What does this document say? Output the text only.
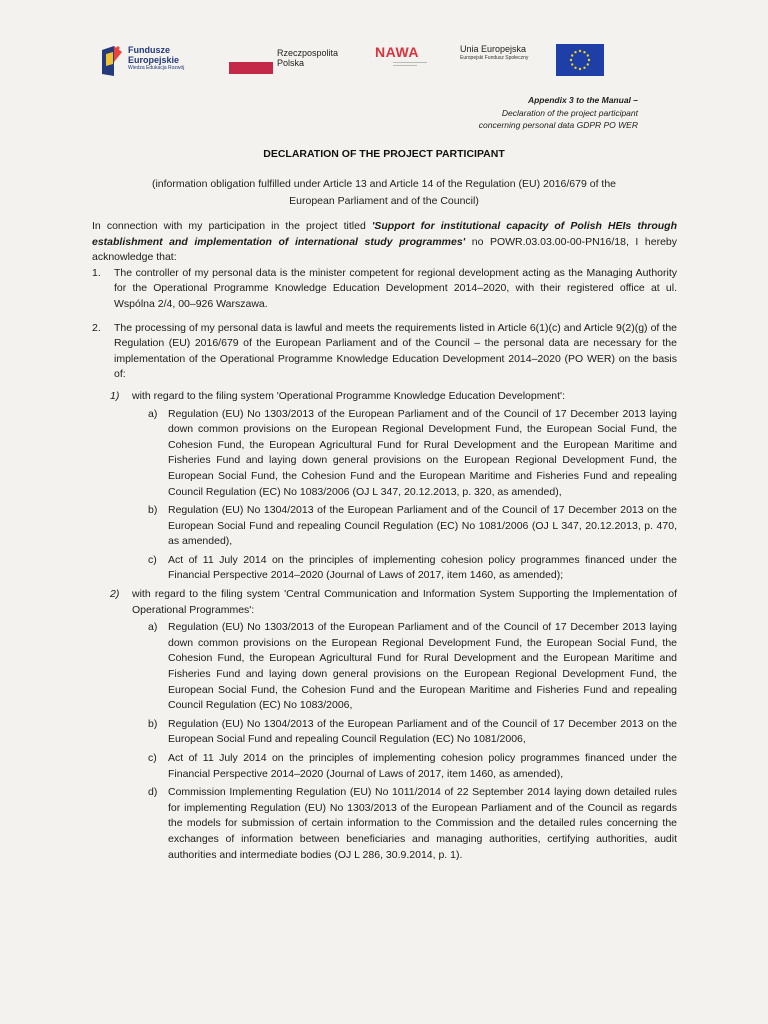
Fundusze
Europejskie
Wiedza Edukacja Rozwój
Rzeczpospolita
Polska
NAWA	Unia Europejska
Europejski Fundusz Społeczny
Appendix 3 to the Manual –
Declaration of the project participant
concerning personal data GDPR PO WER
DECLARATION OF THE PROJECT PARTICIPANT
(information obligation fulfilled under Article 13 and Article 14 of the Regulation (EU) 2016/679 of the European Parliament and of the Council)

In connection with my participation in the project titled 'Support for institutional capacity of Polish HEIs through establishment and implementation of international study programmes' no POWR.03.03.00-00-PN16/18, I hereby acknowledge that:

1. The controller of my personal data is the minister competent for regional development acting as the Managing Authority for the Operational Programme Knowledge Education Development 2014–2020, with their registered office at ul. Wspólna 2/4, 00–926 Warszawa.

2. The processing of my personal data is lawful and meets the requirements listed in Article 6(1)(c) and Article 9(2)(g) of the Regulation (EU) 2016/679 of the European Parliament and of the Council – the personal data are necessary for the implementation of the Operational Programme Knowledge Education Development 2014–2020 (PO WER) on the basis of:

1) with regard to the filing system 'Operational Programme Knowledge Education Development':

a) Regulation (EU) No 1303/2013 of the European Parliament and of the Council of 17 December 2013 laying down common provisions on the European Regional Development Fund, the European Social Fund, the Cohesion Fund, the European Agricultural Fund for Rural Development and the European Maritime and Fisheries Fund and laying down general provisions on the European Regional Development Fund, the European Social Fund, the Cohesion Fund and the European Maritime and Fisheries Fund and repealing Council Regulation (EC) No 1083/2006 (OJ L 347, 20.12.2013, p. 320, as amended),

b) Regulation (EU) No 1304/2013 of the European Parliament and of the Council of 17 December 2013 on the European Social Fund and repealing Council Regulation (EC) No 1081/2006 (OJ L 347, 20.12.2013, p. 470, as amended),

c) Act of 11 July 2014 on the principles of implementing cohesion policy programmes financed under the Financial Perspective 2014–2020 (Journal of Laws of 2017, item 1460, as amended);

2) with regard to the filing system 'Central Communication and Information System Supporting the Implementation of Operational Programmes':

a) Regulation (EU) No 1303/2013 of the European Parliament and of the Council of 17 December 2013 laying down common provisions on the European Regional Development Fund, the European Social Fund, the Cohesion Fund, the European Agricultural Fund for Rural Development and the European Maritime and Fisheries Fund and laying down general provisions on the European Regional Development Fund, the European Social Fund, the Cohesion Fund and the European Maritime and Fisheries Fund and repealing Council Regulation (EC) No 1083/2006,

b) Regulation (EU) No 1304/2013 of the European Parliament and of the Council of 17 December 2013 on the European Social Fund and repealing Council Regulation (EC) No 1081/2006,

c) Act of 11 July 2014 on the principles of implementing cohesion policy programmes financed under the Financial Perspective 2014–2020 (Journal of Laws of 2017, item 1460, as amended),

d) Commission Implementing Regulation (EU) No 1011/2014 of 22 September 2014 laying down detailed rules for implementing Regulation (EU) No 1303/2013 of the European Parliament and of the Council as regards the models for submission of certain information to the Commission and the detailed rules concerning the exchanges of information between beneficiaries and managing authorities, certifying authorities, audit authorities and intermediate bodies (OJ L 286, 30.9.2014, p. 1).
